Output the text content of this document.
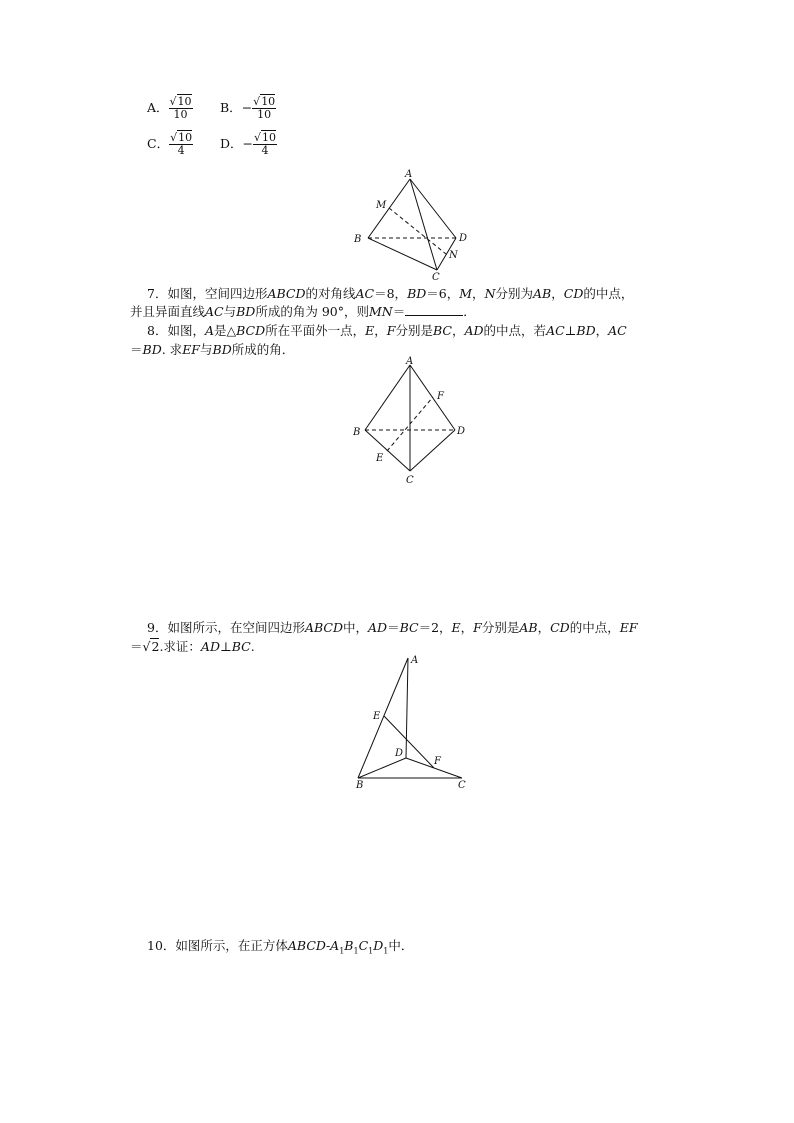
A． $\frac{√10}{10}$ B．− $\frac{√10}{10}$
C． $\frac{√10}{4}$ D．− $\frac{√10}{4}$
A
B
C
D
M
N
7．如图，空间四边形ABCD的对角线AC＝8，BD＝6，M，N分别为AB，CD的中点，
并且异面直线AC与BD所成的角为 90°，则MN＝	．
8．如图，A是△BCD所在平面外一点，E，F分别是BC，AD的中点，若AC⊥BD，AC
＝BD. 求EF与BD所成的角．
A
B
C
D
E
F
9．如图所示，在空间四边形ABCD中，AD＝BC＝2，E，F分别是AB，CD的中点，EF
＝√2.求证：AD⊥BC.
A
B	C
D
E
F
10．如图所示，在正方体ABCD-$A_1B_1C_1D_1$中．
